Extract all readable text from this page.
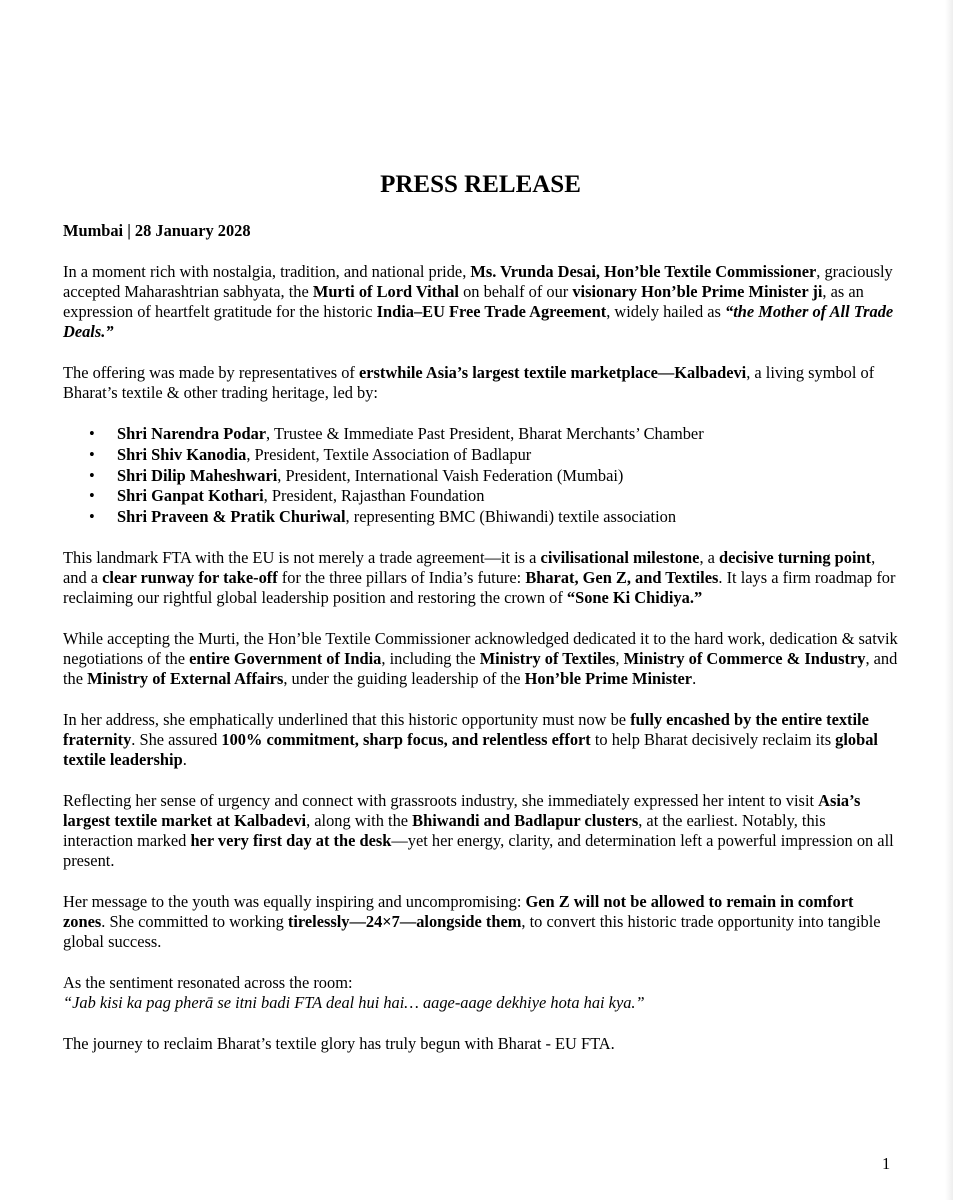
PRESS RELEASE
Mumbai | 28 January 2028

In a moment rich with nostalgia, tradition, and national pride, Ms. Vrunda Desai, Hon’ble Textile Commissioner, graciously accepted Maharashtrian sabhyata, the Murti of Lord Vithal on behalf of our visionary Hon’ble Prime Minister ji, as an expression of heartfelt gratitude for the historic India–EU Free Trade Agreement, widely hailed as “the Mother of All Trade Deals.”

The offering was made by representatives of erstwhile Asia’s largest textile marketplace—Kalbadevi, a living symbol of Bharat’s textile & other trading heritage, led by:

• Shri Narendra Podar, Trustee & Immediate Past President, Bharat Merchants’ Chamber
• Shri Shiv Kanodia, President, Textile Association of Badlapur
• Shri Dilip Maheshwari, President, International Vaish Federation (Mumbai)
• Shri Ganpat Kothari, President, Rajasthan Foundation
• Shri Praveen & Pratik Churiwal, representing BMC (Bhiwandi) textile association

This landmark FTA with the EU is not merely a trade agreement—it is a civilisational milestone, a decisive turning point, and a clear runway for take-off for the three pillars of India’s future: Bharat, Gen Z, and Textiles. It lays a firm roadmap for reclaiming our rightful global leadership position and restoring the crown of “Sone Ki Chidiya.”

While accepting the Murti, the Hon’ble Textile Commissioner acknowledged dedicated it to the hard work, dedication & satvik negotiations of the entire Government of India, including the Ministry of Textiles, Ministry of Commerce & Industry, and the Ministry of External Affairs, under the guiding leadership of the Hon’ble Prime Minister.

In her address, she emphatically underlined that this historic opportunity must now be fully encashed by the entire textile fraternity. She assured 100% commitment, sharp focus, and relentless effort to help Bharat decisively reclaim its global textile leadership.

Reflecting her sense of urgency and connect with grassroots industry, she immediately expressed her intent to visit Asia’s largest textile market at Kalbadevi, along with the Bhiwandi and Badlapur clusters, at the earliest. Notably, this interaction marked her very first day at the desk—yet her energy, clarity, and determination left a powerful impression on all present.

Her message to the youth was equally inspiring and uncompromising: Gen Z will not be allowed to remain in comfort zones. She committed to working tirelessly—24×7—alongside them, to convert this historic trade opportunity into tangible global success.

As the sentiment resonated across the room:
“Jab kisi ka pag pherā se itni badi FTA deal hui hai… aage-aage dekhiye hota hai kya.”

The journey to reclaim Bharat’s textile glory has truly begun with Bharat - EU FTA.

1
